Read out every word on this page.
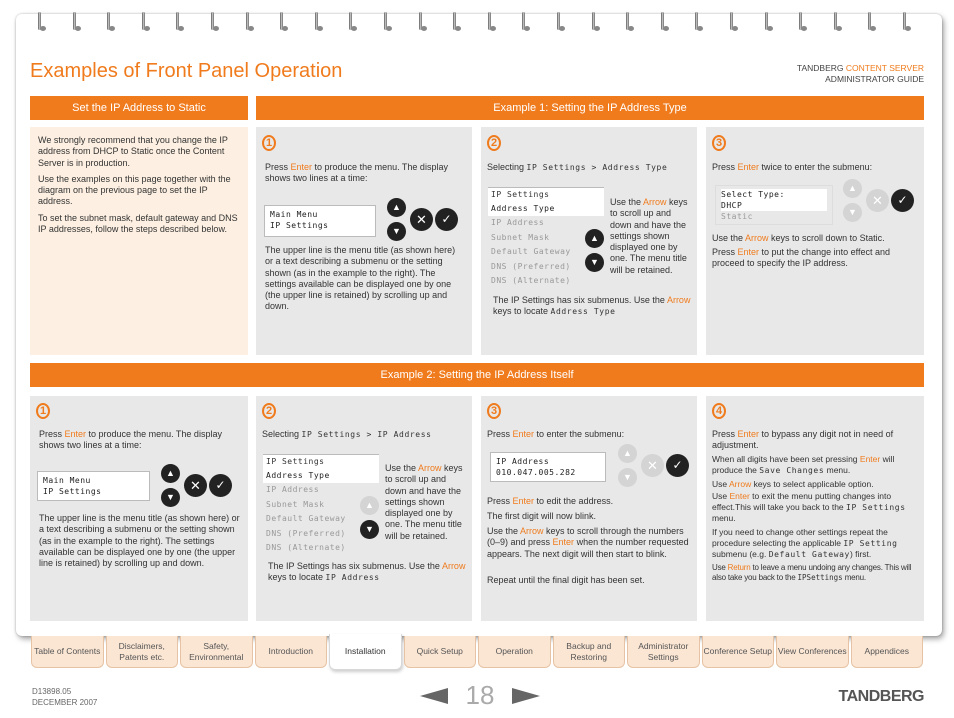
Examples of Front Panel Operation	TANDBERG CONTENT SERVER
ADMINISTRATOR GUIDE
Set the IP Address to Static

We strongly recommend that you change the IP address from DHCP to Static once the Content Server is in production.

Use the examples on this page together with the diagram on the previous page to set the IP address.

To set the subnet mask, default gateway and DNS IP addresses, follow the steps described below.

Example 1: Setting the IP Address Type
1

Press Enter to produce the menu. The display shows two lines at a time:

Main Menu
IP Settings
▲
▼
✕	✓

The upper line is the menu title (as shown here) or a text describing a submenu or the setting shown (as in the example to the right). The settings available can be displayed one by one (the upper line is retained) by scrolling up and down.

2

Selecting IP Settings > Address Type

IP Settings
Address Type
IP Address
Subnet Mask
Default Gateway
DNS (Preferred)
DNS (Alternate)
▲
▼

Use the Arrow keys to scroll up and down and have the settings shown displayed one by one. The menu title will be retained.

The IP Settings has six submenus. Use the Arrow keys to locate Address Type

3

Press Enter twice to enter the submenu:

Select Type:
DHCP
Static
▲
▼
✕	✓

Use the Arrow keys to scroll down to Static.

Press Enter to put the change into effect and proceed to specify the IP address.

Example 2: Setting the IP Address Itself
1

Press Enter to produce the menu. The display shows two lines at a time:

Main Menu
IP Settings
▲
▼
✕	✓

The upper line is the menu title (as shown here) or a text describing a submenu or the setting shown (as in the example to the right). The settings available can be displayed one by one (the upper line is retained) by scrolling up and down.

2

Selecting IP Settings > IP Address

IP Settings
Address Type
IP Address
Subnet Mask
Default Gateway
DNS (Preferred)
DNS (Alternate)
▲
▼

Use the Arrow keys to scroll up and down and have the settings shown displayed one by one. The menu title will be retained.

The IP Settings has six submenus. Use the Arrow keys to locate IP Address

3

Press Enter to enter the submenu:

IP Address
010.047.005.282
▲
▼
✕	✓

Press Enter to edit the address.

The first digit will now blink.

Use the Arrow keys to scroll through the numbers (0–9) and press Enter when the number requested appears. The next digit will then start to blink.

Repeat until the final digit has been set.

4

Press Enter to bypass any digit not in need of adjustment.

When all digits have been set pressing Enter will produce the Save Changes menu.

Use Arrow keys to select applicable option.

Use Enter to exit the menu putting changes into effect.This will take you back to the IP Settings menu.

If you need to change other settings repeat the procedure selecting the applicable IP Setting submenu (e.g. Default Gateway) first.

Use Return to leave a menu undoing any changes. This will also take you back to the IPSettings menu.

Table of Contents
Disclaimers, Patents etc.
Safety, Environmental
Introduction	Installation	Quick Setup	Operation
Backup and Restoring
Administrator Settings
Conference Setup View Conferences	Appendices
D13898.05
DECEMBER 2007	18	TANDBERG
